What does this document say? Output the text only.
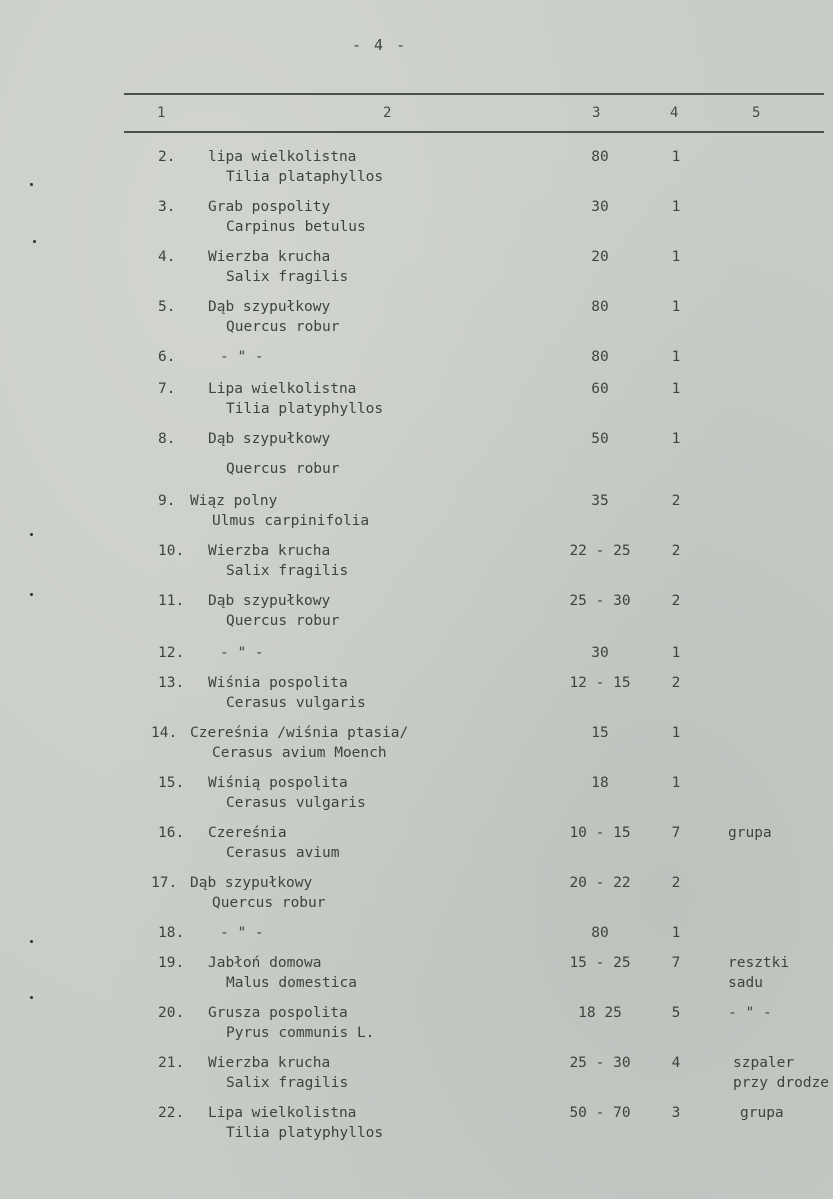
- 4 -
1	2	3	4	5
2. lipa wielkolistna
Tilia plataphyllos
80	1
3. Grab pospolity
Carpinus betulus
30	1
4. Wierzba krucha
Salix fragilis
20	1
5. Dąb szypułkowy
Quercus robur
80	1
6.	- " -	80	1
7. Lipa wielkolistna
Tilia platyphyllos
60	1
8. Dąb szypułkowy
Quercus robur
50	1
9. Wiąz polny
Ulmus carpinifolia
35	2
10. Wierzba krucha
Salix fragilis
22 - 25	2
11. Dąb szypułkowy
Quercus robur
25 - 30	2
12. - " -	30	1
13. Wiśnia pospolita
Cerasus vulgaris
12 - 15	2
14. Czereśnia /wiśnia ptasia/
Cerasus avium Moench
15	1
15. Wiśnią pospolita
Cerasus vulgaris
18	1
16. Czereśnia
Cerasus avium
10 - 15	7	grupa
17. Dąb szypułkowy
Quercus robur
20 - 22	2
18. - " -	80	1
19. Jabłoń domowa
Malus domestica
15 - 25	7	resztki
sadu
20. Grusza pospolita
Pyrus communis L.
18 25	5	- " -
21. Wierzba krucha
Salix fragilis
25 - 30	4	szpaler
przy drodze
22. Lipa wielkolistna
Tilia platyphyllos
50 - 70	3	grupa
